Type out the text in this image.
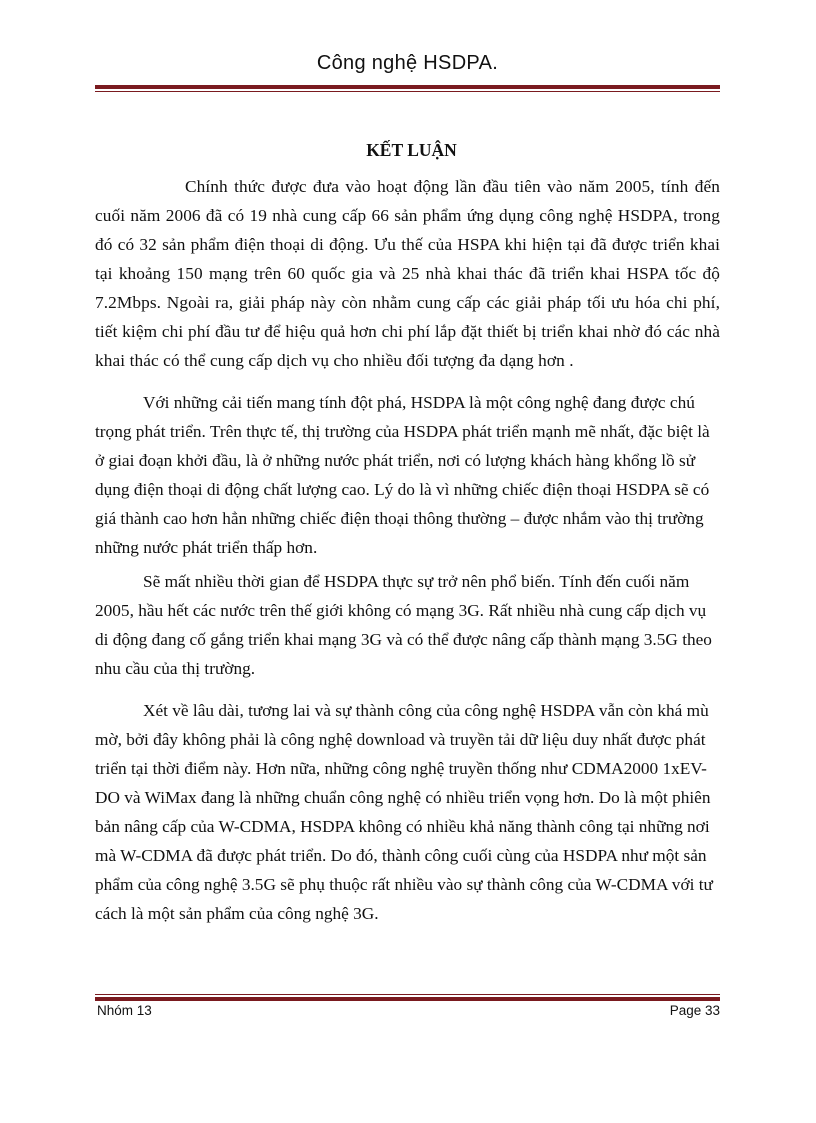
Công nghệ HSDPA.

KẾT LUẬN

Chính thức được đưa vào hoạt động lần đầu tiên vào năm 2005, tính đến cuối năm 2006 đã có 19 nhà cung cấp 66 sản phẩm ứng dụng công nghệ HSDPA, trong đó có 32 sản phẩm điện thoại di động. Ưu thế của HSPA khi hiện tại đã được triển khai tại khoảng 150 mạng trên 60 quốc gia và 25 nhà khai thác đã triển khai HSPA tốc độ 7.2Mbps. Ngoài ra, giải pháp này còn nhằm cung cấp các giải pháp tối ưu hóa chi phí, tiết kiệm chi phí đầu tư để hiệu quả hơn chi phí lắp đặt thiết bị triển khai nhờ đó các nhà khai thác có thể cung cấp dịch vụ cho nhiều đối tượng đa dạng hơn .

Với những cải tiến mang tính đột phá, HSDPA là một công nghệ đang được chú trọng phát triển. Trên thực tế, thị trường của HSDPA phát triển mạnh mẽ nhất, đặc biệt là ở giai đoạn khởi đầu, là ở những nước phát triển, nơi có lượng khách hàng khổng lồ sử dụng điện thoại di động chất lượng cao. Lý do là vì những chiếc điện thoại HSDPA sẽ có giá thành cao hơn hẳn những chiếc điện thoại thông thường – được nhắm vào thị trường những nước phát triển thấp hơn.

Sẽ mất nhiều thời gian để HSDPA thực sự trở nên phổ biến. Tính đến cuối năm 2005, hầu hết các nước trên thế giới không có mạng 3G. Rất nhiều nhà cung cấp dịch vụ di động đang cố gắng triển khai mạng 3G và có thể được nâng cấp thành mạng 3.5G theo nhu cầu của thị trường.

Xét về lâu dài, tương lai và sự thành công của công nghệ HSDPA vẫn còn khá mù mờ, bởi đây không phải là công nghệ download và truyền tải dữ liệu duy nhất được phát triển tại thời điểm này. Hơn nữa, những công nghệ truyền thống như CDMA2000 1xEV-DO và WiMax đang là những chuẩn công nghệ có nhiều triển vọng hơn. Do là một phiên bản nâng cấp của W-CDMA, HSDPA không có nhiều khả năng thành công tại những nơi mà W-CDMA đã được phát triển. Do đó, thành công cuối cùng của HSDPA như một sản phẩm của công nghệ 3.5G sẽ phụ thuộc rất nhiều vào sự thành công của W-CDMA với tư cách là một sản phẩm của công nghệ 3G.

Nhóm 13	Page 33
